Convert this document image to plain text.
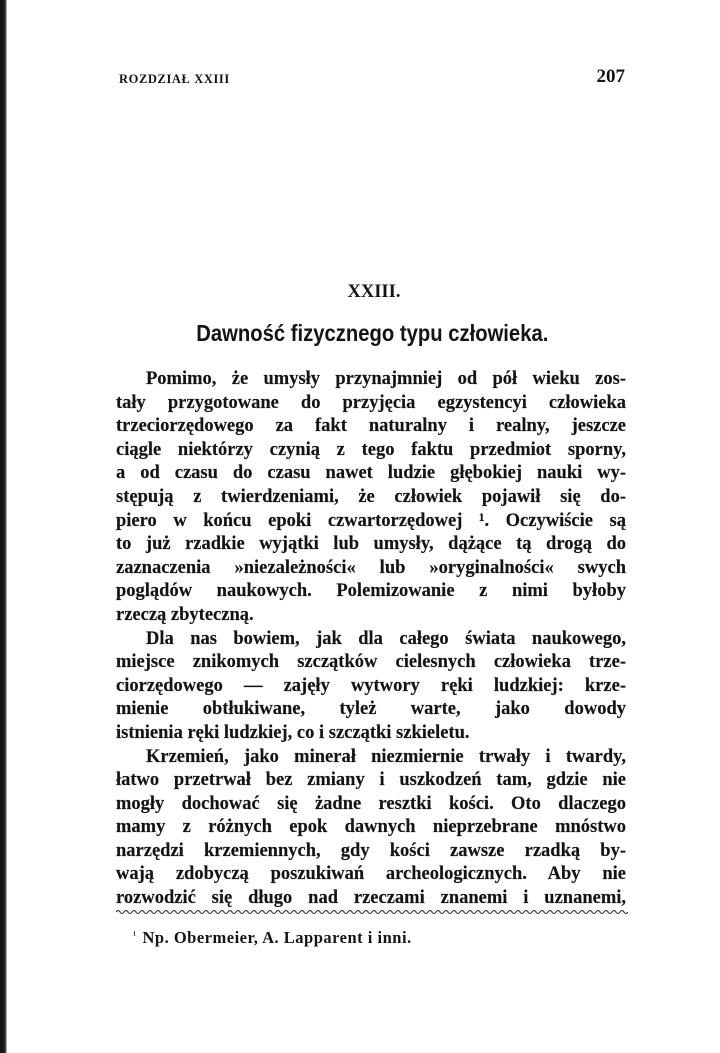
ROZDZIAŁ XXIII	207
XXIII.
Dawność fizycznego typu człowieka.
Pomimo, że umysły przynajmniej od pół wieku zos-
tały przygotowane do przyjęcia egzystencyi człowieka
trzeciorzędowego za fakt naturalny i realny, jeszcze
ciągle niektórzy czynią z tego faktu przedmiot sporny,
a od czasu do czasu nawet ludzie głębokiej nauki wy-
stępują z twierdzeniami, że człowiek pojawił się do-
piero w końcu epoki czwartorzędowej ¹. Oczywiście są
to już rzadkie wyjątki lub umysły, dążące tą drogą do
zaznaczenia »niezależności« lub »oryginalności« swych
poglądów naukowych. Polemizowanie z nimi byłoby
rzeczą zbyteczną.
Dla nas bowiem, jak dla całego świata naukowego,
miejsce znikomych szczątków cielesnych człowieka trze-
ciorzędowego — zajęły wytwory ręki ludzkiej: krze-
mienie obtłukiwane, tyleż warte, jako dowody
istnienia ręki ludzkiej, co i szczątki szkieletu.
Krzemień, jako minerał niezmiernie trwały i twardy,
łatwo przetrwał bez zmiany i uszkodzeń tam, gdzie nie
mogły dochować się żadne resztki kości. Oto dlaczego
mamy z różnych epok dawnych nieprzebrane mnóstwo
narzędzi krzemiennych, gdy kości zawsze rzadką by-
wają zdobyczą poszukiwań archeologicznych. Aby nie
rozwodzić się długo nad rzeczami znanemi i uznanemi,
$^{^1}$ Np. Obermeier, A. Lapparent i inni.
